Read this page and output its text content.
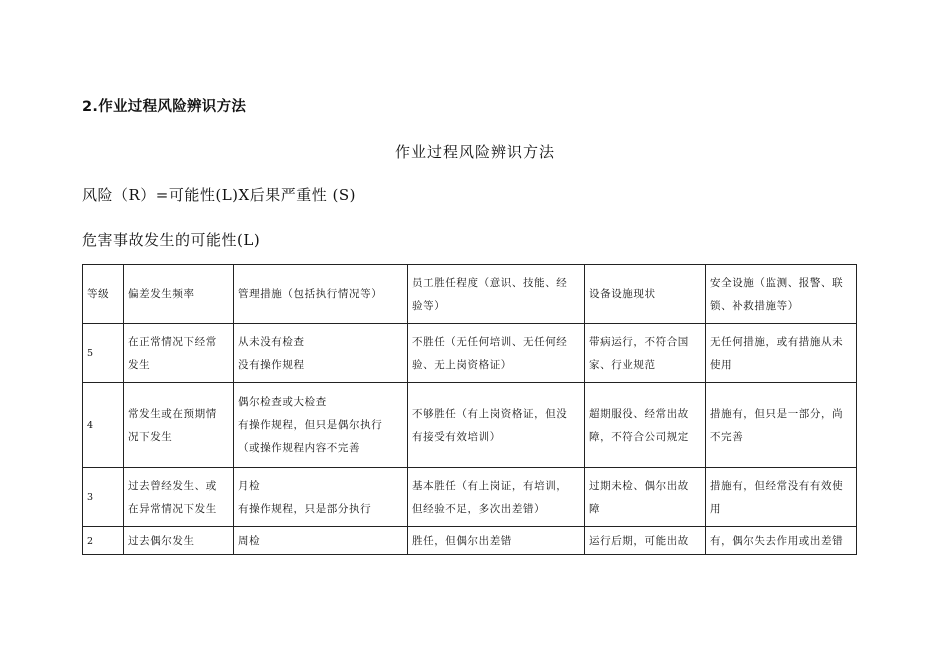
2.作业过程风险辨识方法
作业过程风险辨识方法
风险（R）=可能性(L)X后果严重性 (S)
危害事故发生的可能性(L)
等级	偏差发生频率	管理措施（包括执行情况等）	员工胜任程度（意识、技能、经
验等）	设备设施现状	安全设施（监测、报警、联
锁、补救措施等）

5	在正常情况下经常
发生	从未没有检查
没有操作规程	不胜任（无任何培训、无任何经
验、无上岗资格证）	带病运行，不符合国
家、行业规范	无任何措施，或有措施从未
使用

4	常发生或在预期情
况下发生	偶尔检查或大检查
有操作规程，但只是偶尔执行
（或操作规程内容不完善	不够胜任（有上岗资格证，但没
有接受有效培训）	超期服役、经常出故
障，不符合公司规定	措施有，但只是一部分，尚
不完善

3	过去曾经发生、或
在异常情况下发生	月检
有操作规程，只是部分执行	基本胜任（有上岗证，有培训，
但经验不足，多次出差错）	过期未检、偶尔出故
障	措施有，但经常没有有效使
用

2	过去偶尔发生	周检	胜任，但偶尔出差错	运行后期，可能出故	有，偶尔失去作用或出差错
